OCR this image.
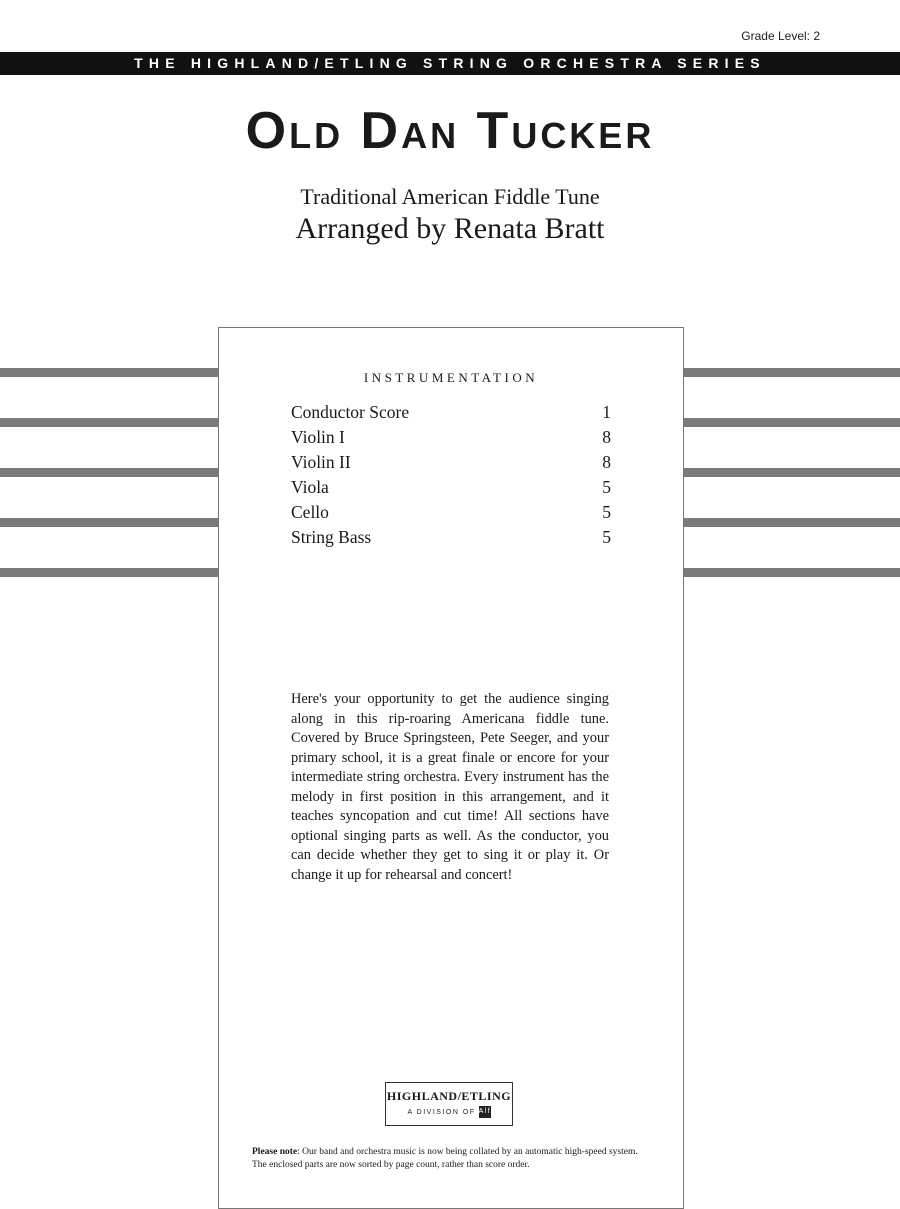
Grade Level: 2
THE HIGHLAND/ETLING STRING ORCHESTRA SERIES
Old Dan Tucker
Traditional American Fiddle Tune
Arranged by Renata Bratt
INSTRUMENTATION
Conductor Score	1
Violin I	8
Violin II	8
Viola	5
Cello	5
String Bass	5

Here's your opportunity to get the audience singing along in this rip-roaring Americana fiddle tune. Covered by Bruce Springsteen, Pete Seeger, and your primary school, it is a great finale or encore for your intermediate string orchestra. Every instrument has the melody in first position in this arrangement, and it teaches syncopation and cut time! All sections have optional singing parts as well. As the conductor, you can decide whether they get to sing it or play it. Or change it up for rehearsal and concert!

HIGHLAND/ETLING
A DIVISION OF Alfred

Please note: Our band and orchestra music is now being collated by an automatic high-speed system. The enclosed parts are now sorted by page count, rather than score order.
